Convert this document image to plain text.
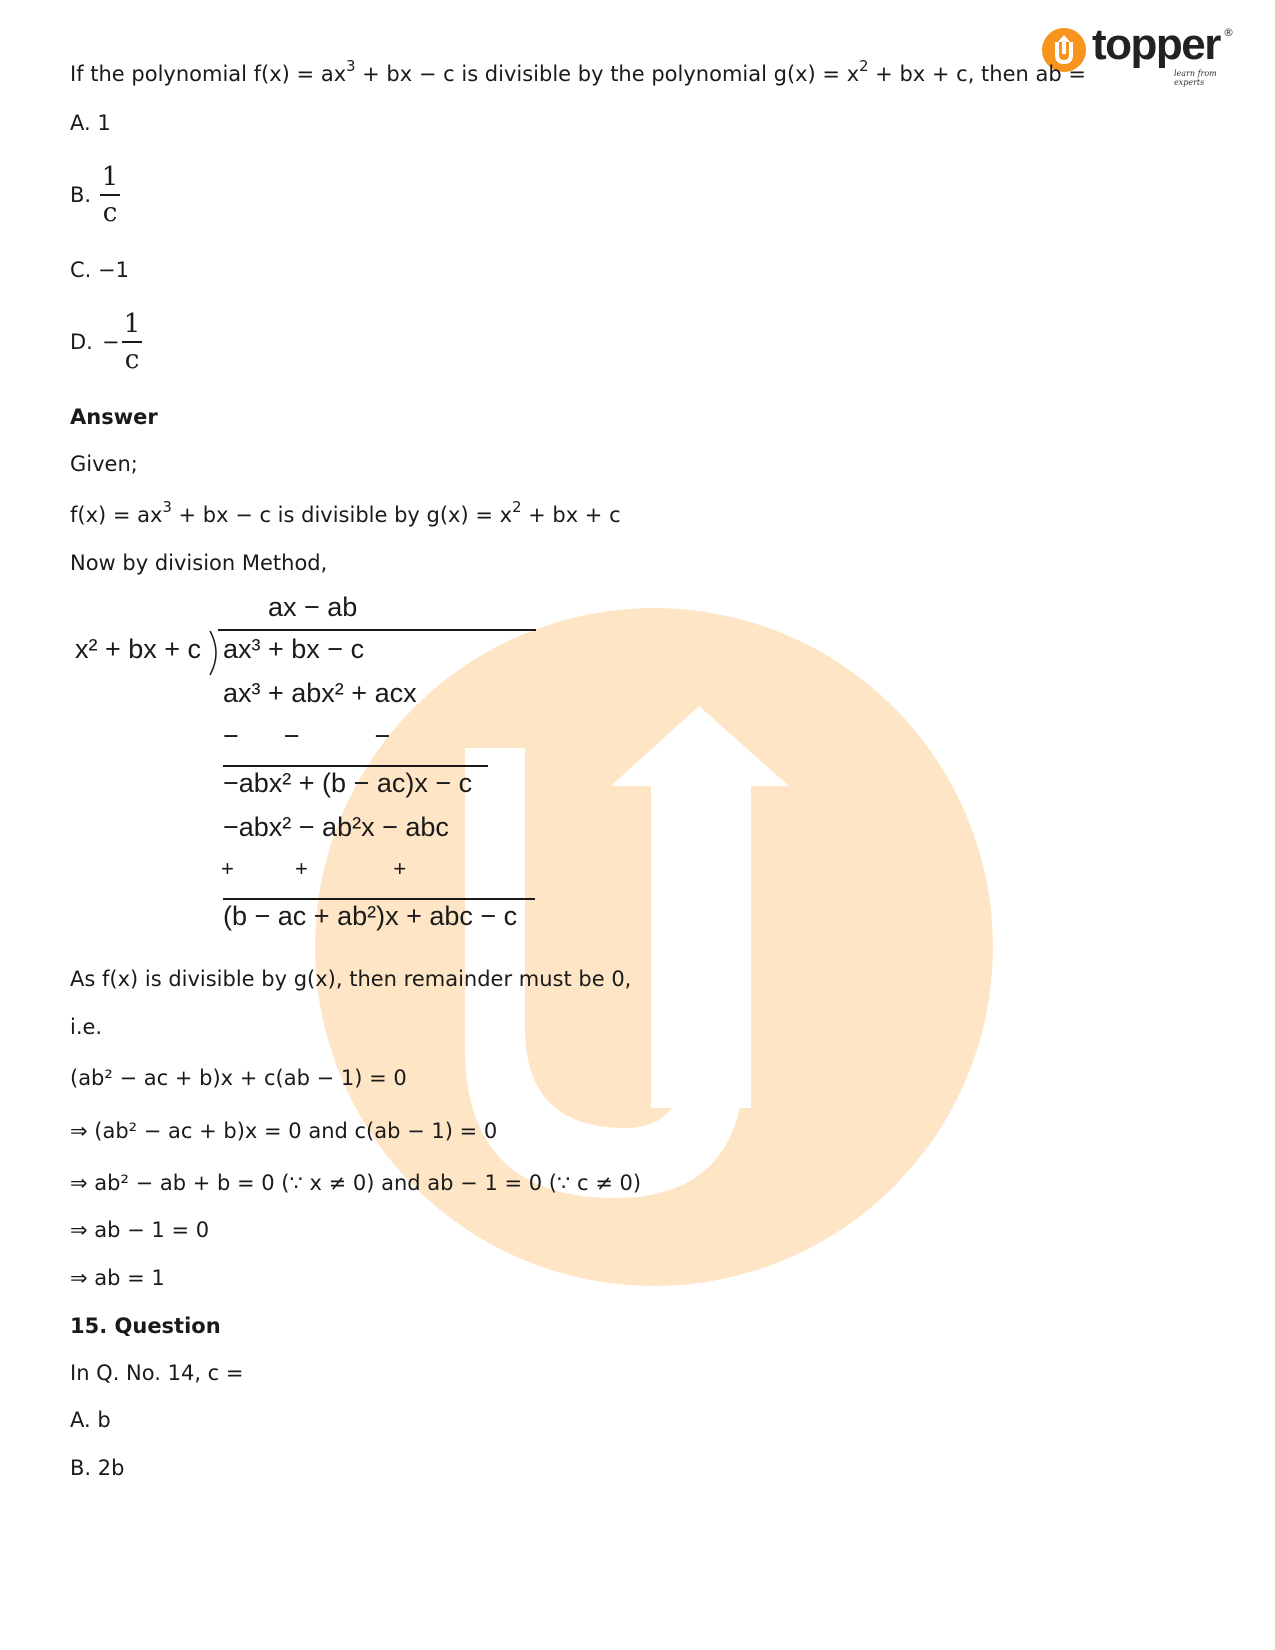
topper ®
learn from experts
If the polynomial $f(x) = ax^3$ + bx − c is divisible by the polynomial $g(x) = x^2$ + bx + c, then ab =
A. 1
B.
1
c
C. −1
D. −
1
c
Answer
Given;
$f(x) = ax^3$ + bx − c is divisible by $g(x) = x^2$ + bx + c
Now by division Method,
ax − ab
x² + bx + c ax³ + bx − c
ax³ + abx² + acx
−      −          −
−abx² + (b − ac)x − c
−abx² − ab²x − abc
+          +              +
(b − ac + ab²)x + abc − c
As f(x) is divisible by g(x), then remainder must be 0,
i.e.
(ab² − ac + b)x + c(ab − 1) = 0
⇒ (ab² − ac + b)x = 0 and c(ab − 1) = 0
⇒ ab² − ab + b = 0 (∵ x ≠ 0) and ab − 1 = 0 (∵ c ≠ 0)
⇒ ab − 1 = 0
⇒ ab = 1
15. Question
In Q. No. 14, c =
A. b
B. 2b
